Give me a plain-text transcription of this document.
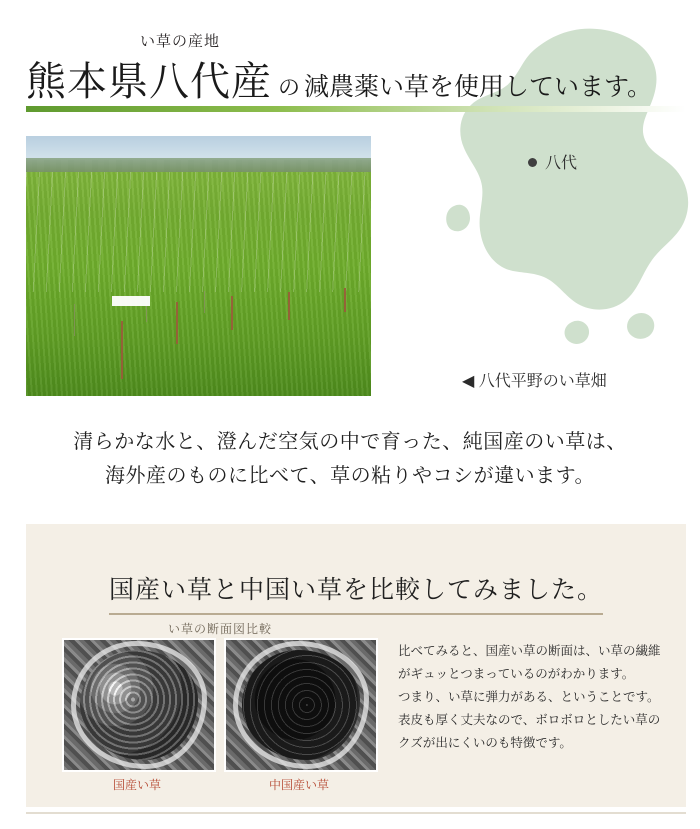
い草の産地
熊本県八代産 の 減農薬い草を使用しています。
八代
◀ 八代平野のい草畑
清らかな水と、澄んだ空気の中で育った、純国産のい草は、
海外産のものに比べて、草の粘りやコシが違います。
国産い草と中国い草を比較してみました。
い草の断面図比較
国産い草	中国産い草
比べてみると、国産い草の断面は、い草の繊維
がギュッとつまっているのがわかります。
つまり、い草に弾力がある、ということです。
表皮も厚く丈夫なので、ボロボロとしたい草の
クズが出にくいのも特徴です。
